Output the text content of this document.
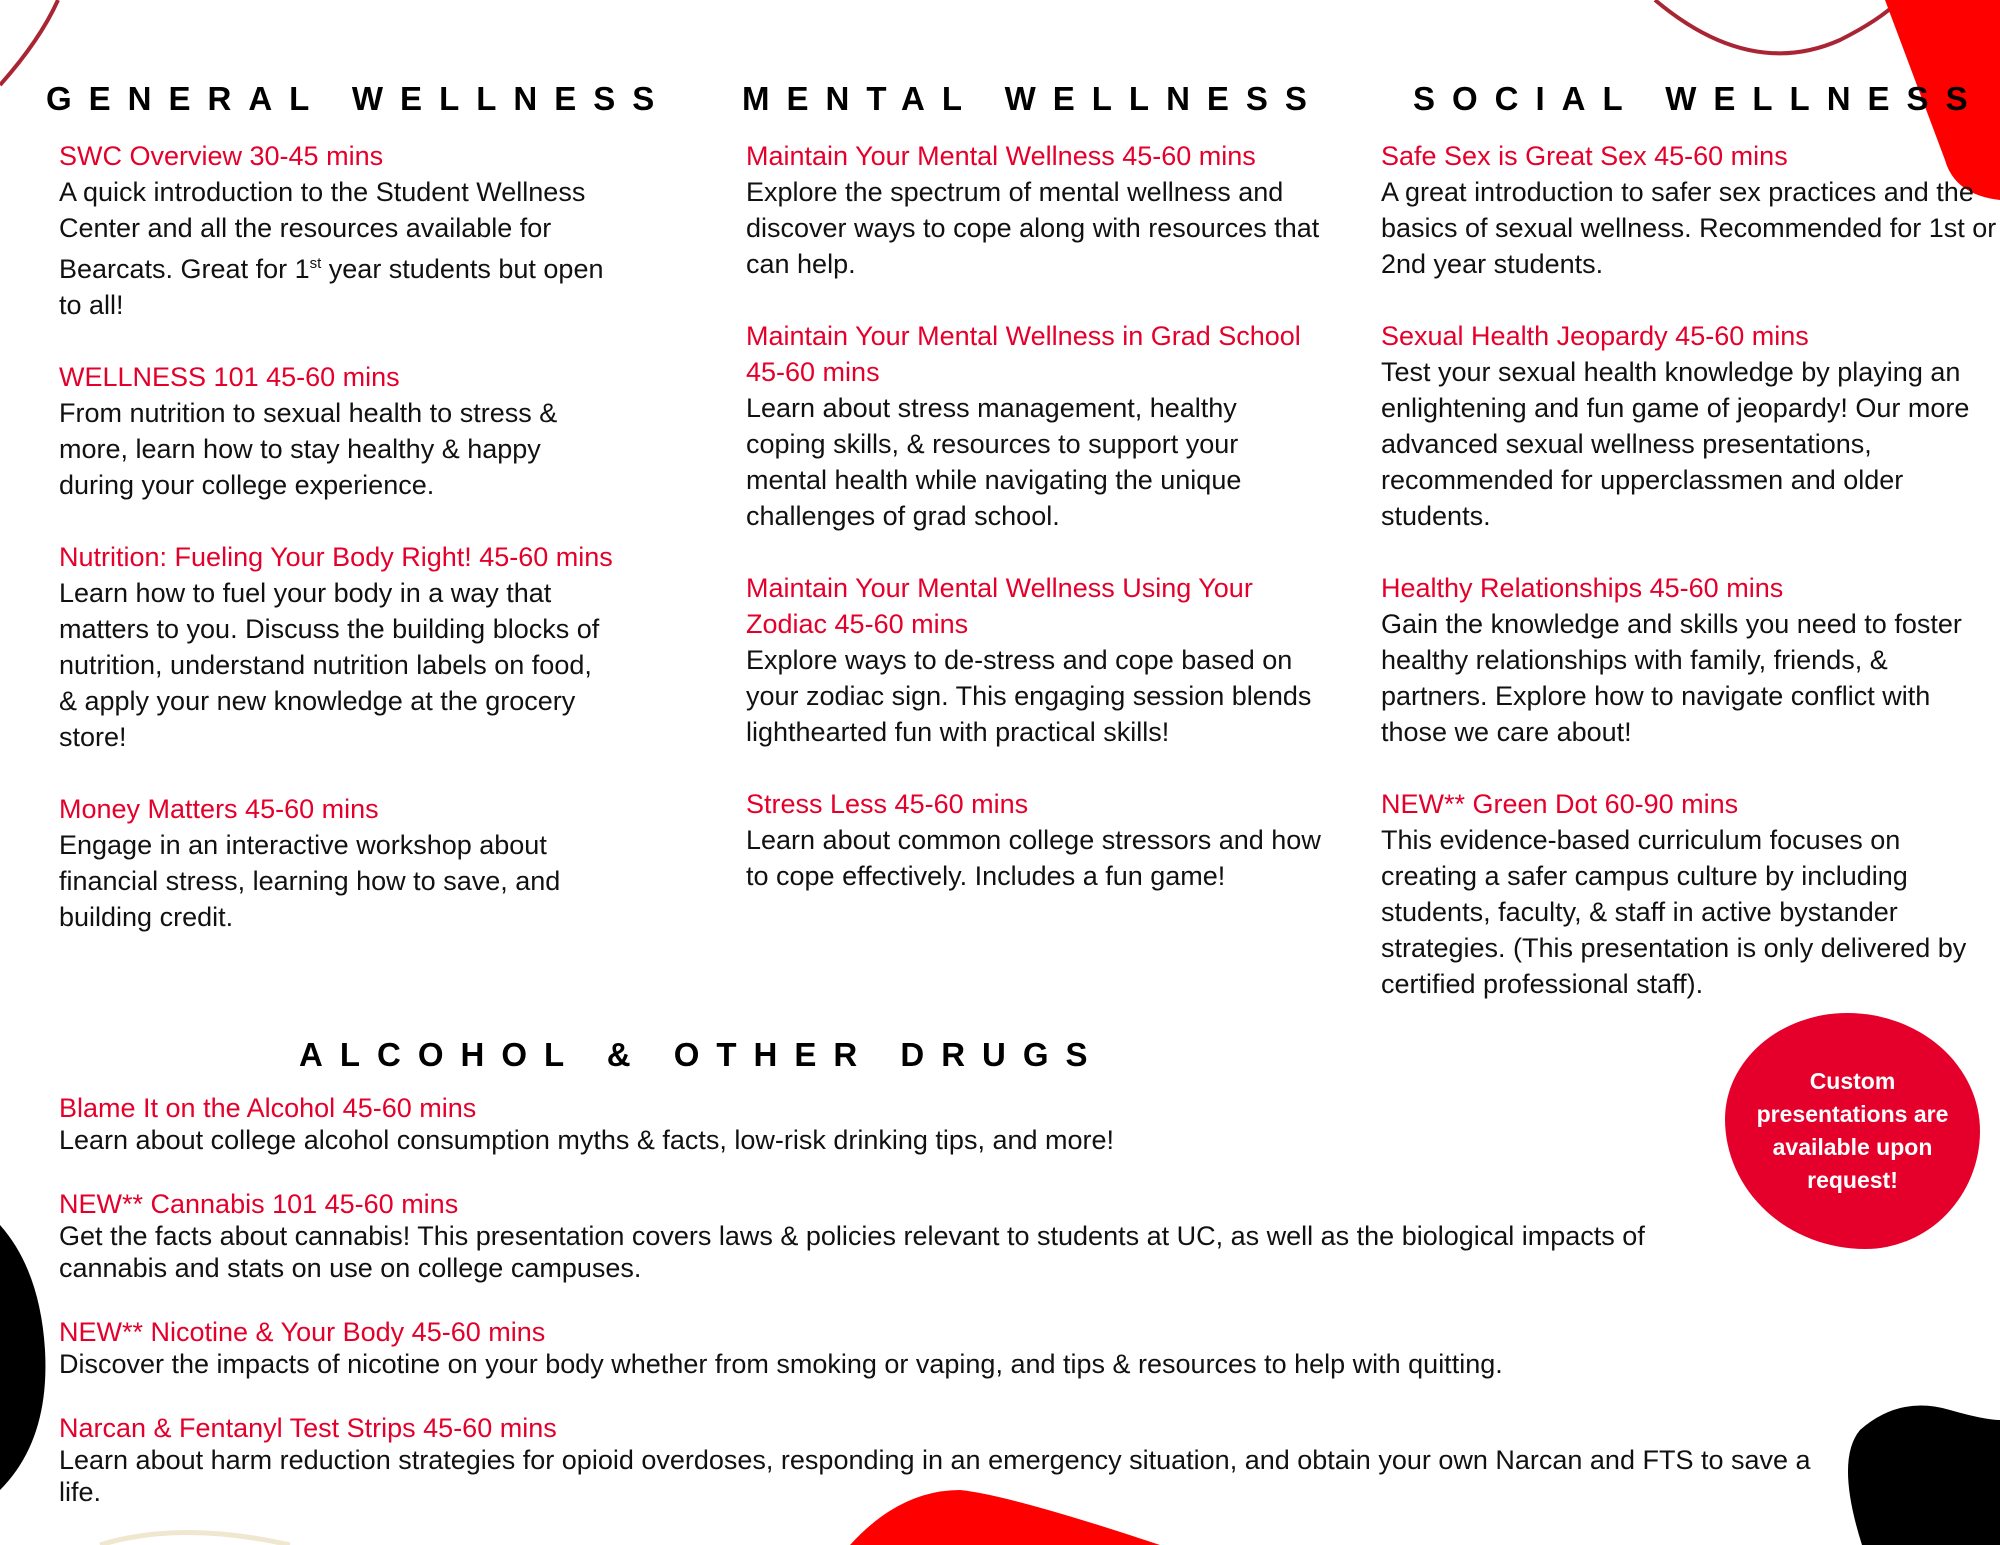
GENERAL WELLNESS
SWC Overview 30-45 mins
A quick introduction to the Student Wellness Center and all the resources available for Bearcats. Great for 1st year students but open to all!
WELLNESS 101 45-60 mins
From nutrition to sexual health to stress & more, learn how to stay healthy & happy during your college experience.
Nutrition: Fueling Your Body Right! 45-60 mins
Learn how to fuel your body in a way that matters to you. Discuss the building blocks of nutrition, understand nutrition labels on food, & apply your new knowledge at the grocery store!
Money Matters 45-60 mins
Engage in an interactive workshop about financial stress, learning how to save, and building credit.
MENTAL WELLNESS
Maintain Your Mental Wellness 45-60 mins
Explore the spectrum of mental wellness and discover ways to cope along with resources that can help.
Maintain Your Mental Wellness in Grad School 45-60 mins
Learn about stress management, healthy coping skills, & resources to support your mental health while navigating the unique challenges of grad school.
Maintain Your Mental Wellness Using Your Zodiac 45-60 mins
Explore ways to de-stress and cope based on your zodiac sign. This engaging session blends lighthearted fun with practical skills!
Stress Less 45-60 mins
Learn about common college stressors and how to cope effectively. Includes a fun game!
SOCIAL WELLNESS
Safe Sex is Great Sex 45-60 mins
A great introduction to safer sex practices and the basics of sexual wellness. Recommended for 1st or 2nd year students.
Sexual Health Jeopardy 45-60 mins
Test your sexual health knowledge by playing an enlightening and fun game of jeopardy! Our more advanced sexual wellness presentations, recommended for upperclassmen and older students.
Healthy Relationships 45-60 mins
Gain the knowledge and skills you need to foster healthy relationships with family, friends, & partners. Explore how to navigate conflict with those we care about!
NEW** Green Dot 60-90 mins
This evidence-based curriculum focuses on creating a safer campus culture by including students, faculty, & staff in active bystander strategies. (This presentation is only delivered by certified professional staff).
ALCOHOL & OTHER DRUGS
Blame It on the Alcohol 45-60 mins
Learn about college alcohol consumption myths & facts, low-risk drinking tips, and more!
NEW** Cannabis 101 45-60 mins
Get the facts about cannabis! This presentation covers laws & policies relevant to students at UC, as well as the biological impacts of cannabis and stats on use on college campuses.
NEW** Nicotine & Your Body 45-60 mins
Discover the impacts of nicotine on your body whether from smoking or vaping, and tips & resources to help with quitting.
Narcan & Fentanyl Test Strips 45-60 mins
Learn about harm reduction strategies for opioid overdoses, responding in an emergency situation, and obtain your own Narcan and FTS to save a life.
Custom presentations are available upon request!
